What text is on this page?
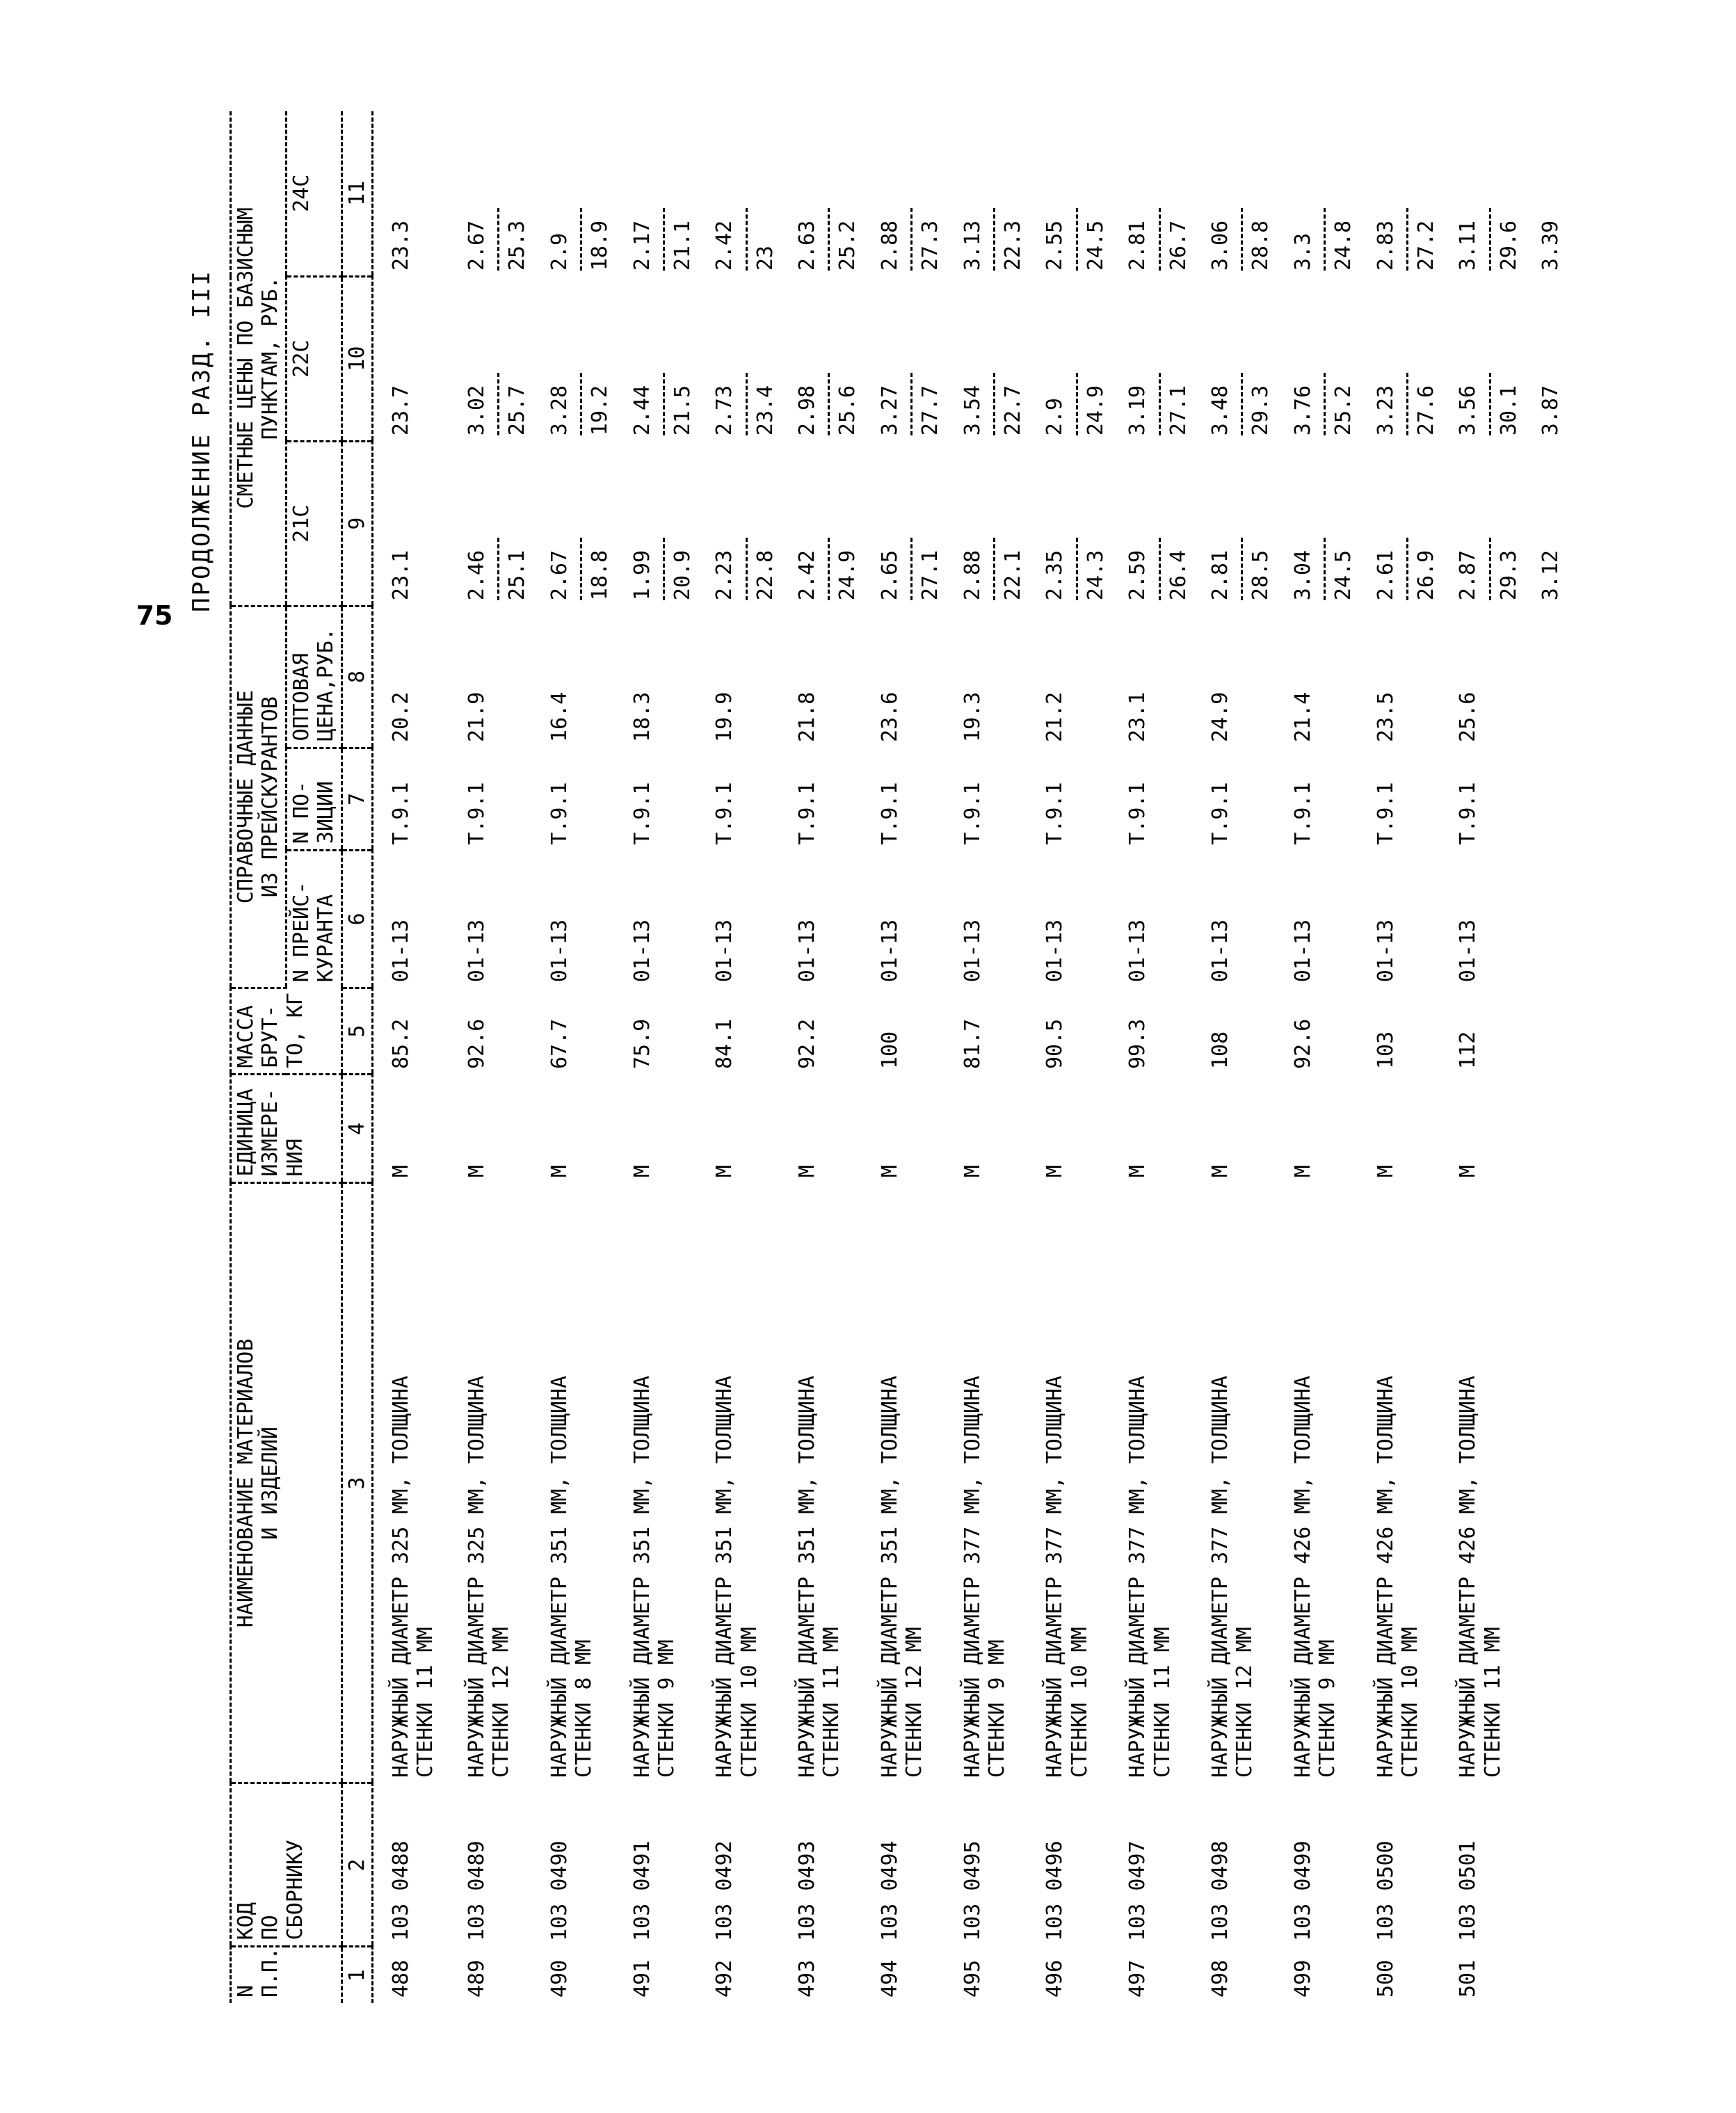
ПРОДОЛЖЕНИЕ РАЗД. III
75
N
П.П.	КОД
ПО
СБОРНИКУ	НАИМЕНОВАНИЕ МАТЕРИАЛОВ
И ИЗДЕЛИЙ	ЕДИНИЦА
ИЗМЕРЕ-
НИЯ	МАССА
БРУТ-
ТО, КГ	СПРАВОЧНЫЕ ДАННЫЕ
ИЗ ПРЕЙСКУРАНТОВ			СМЕТНЫЕ ЦЕНЫ ПО БАЗИСНЫМ
ПУНКТАМ, РУБ.		
					N ПРЕЙС-
КУРАНТА	N ПО-
ЗИЦИИ	ОПТОВАЯ
ЦЕНА,РУБ.	21С	22С	24С
1	2	3	4	5	6	7	8	9	10	11
488	103 0488	НАРУЖНЫЙ ДИАМЕТР 325 ММ, ТОЛЩИНА
СТЕНКИ 11 ММ	М	85.2	01-13	Т.9.1	20.2	23.1	23.7	23.3

489	103 0489	НАРУЖНЫЙ ДИАМЕТР 325 ММ, ТОЛЩИНА
СТЕНКИ 12 ММ	М	92.6	01-13	Т.9.1	21.9	2.46 25.1	3.02 25.7	2.67 25.3

490	103 0490	НАРУЖНЫЙ ДИАМЕТР 351 ММ, ТОЛЩИНА
СТЕНКИ 8 ММ	М	67.7	01-13	Т.9.1	16.4	2.67 18.8	3.28 19.2	2.9 18.9

491	103 0491	НАРУЖНЫЙ ДИАМЕТР 351 ММ, ТОЛЩИНА
СТЕНКИ 9 ММ	М	75.9	01-13	Т.9.1	18.3	1.99 20.9	2.44 21.5	2.17 21.1

492	103 0492	НАРУЖНЫЙ ДИАМЕТР 351 ММ, ТОЛЩИНА
СТЕНКИ 10 ММ	М	84.1	01-13	Т.9.1	19.9	2.23 22.8	2.73 23.4	2.42 23

493	103 0493	НАРУЖНЫЙ ДИАМЕТР 351 ММ, ТОЛЩИНА
СТЕНКИ 11 ММ	М	92.2	01-13	Т.9.1	21.8	2.42 24.9	2.98 25.6	2.63 25.2

494	103 0494	НАРУЖНЫЙ ДИАМЕТР 351 ММ, ТОЛЩИНА
СТЕНКИ 12 ММ	М	100	01-13	Т.9.1	23.6	2.65 27.1	3.27 27.7	2.88 27.3

495	103 0495	НАРУЖНЫЙ ДИАМЕТР 377 ММ, ТОЛЩИНА
СТЕНКИ 9 ММ	М	81.7	01-13	Т.9.1	19.3	2.88 22.1	3.54 22.7	3.13 22.3

496	103 0496	НАРУЖНЫЙ ДИАМЕТР 377 ММ, ТОЛЩИНА
СТЕНКИ 10 ММ	М	90.5	01-13	Т.9.1	21.2	2.35 24.3	2.9 24.9	2.55 24.5

497	103 0497	НАРУЖНЫЙ ДИАМЕТР 377 ММ, ТОЛЩИНА
СТЕНКИ 11 ММ	М	99.3	01-13	Т.9.1	23.1	2.59 26.4	3.19 27.1	2.81 26.7

498	103 0498	НАРУЖНЫЙ ДИАМЕТР 377 ММ, ТОЛЩИНА
СТЕНКИ 12 ММ	М	108	01-13	Т.9.1	24.9	2.81 28.5	3.48 29.3	3.06 28.8

499	103 0499	НАРУЖНЫЙ ДИАМЕТР 426 ММ, ТОЛЩИНА
СТЕНКИ 9 ММ	М	92.6	01-13	Т.9.1	21.4	3.04 24.5	3.76 25.2	3.3 24.8

500	103 0500	НАРУЖНЫЙ ДИАМЕТР 426 ММ, ТОЛЩИНА
СТЕНКИ 10 ММ	М	103	01-13	Т.9.1	23.5	2.61 26.9	3.23 27.6	2.83 27.2

501	103 0501	НАРУЖНЫЙ ДИАМЕТР 426 ММ, ТОЛЩИНА
СТЕНКИ 11 ММ	М	112	01-13	Т.9.1	25.6	2.87 29.3	3.56 30.1	3.11 29.6

								3.12	3.87	3.39
